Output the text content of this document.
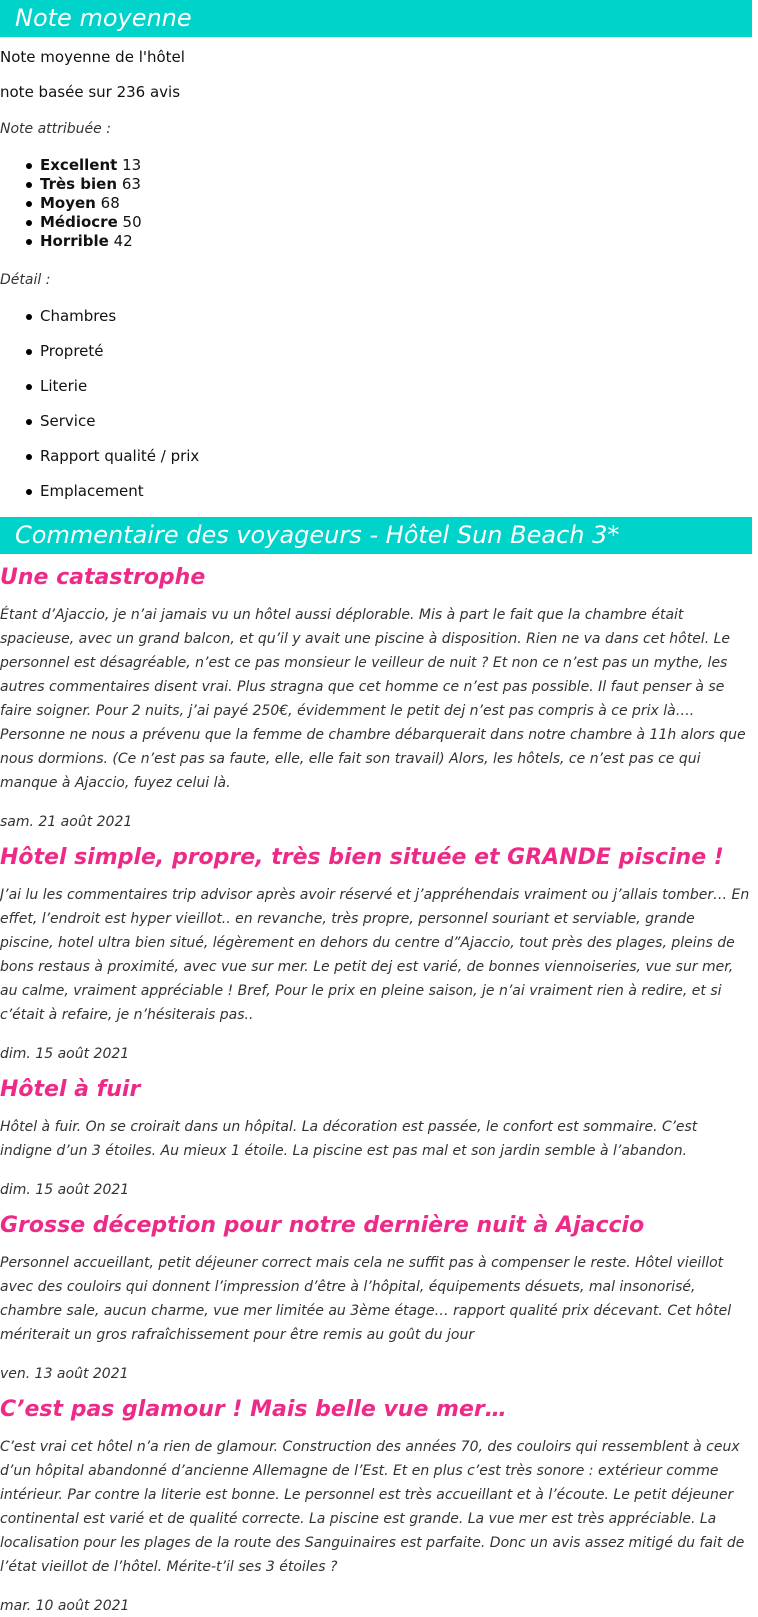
Note moyenne

Note moyenne de l'hôtel

note basée sur 236 avis

Note attribuée :

Excellent 13
Très bien 63
Moyen 68
Médiocre 50
Horrible 42

Détail :

Chambres
Propreté
Literie
Service
Rapport qualité / prix
Emplacement
Commentaire des voyageurs - Hôtel Sun Beach 3*
Une catastrophe

Étant d’Ajaccio, je n’ai jamais vu un hôtel aussi déplorable. Mis à part le fait que la chambre était spacieuse, avec un grand balcon, et qu’il y avait une piscine à disposition. Rien ne va dans cet hôtel. Le personnel est désagréable, n’est ce pas monsieur le veilleur de nuit ? Et non ce n’est pas un mythe, les autres commentaires disent vrai. Plus stragna que cet homme ce n’est pas possible. Il faut penser à se faire soigner. Pour 2 nuits, j’ai payé 250€, évidemment le petit dej n’est pas compris à ce prix là…. Personne ne nous a prévenu que la femme de chambre débarquerait dans notre chambre à 11h alors que nous dormions. (Ce n’est pas sa faute, elle, elle fait son travail) Alors, les hôtels, ce n’est pas ce qui manque à Ajaccio, fuyez celui là.

sam. 21 août 2021

Hôtel simple, propre, très bien située et GRANDE piscine !

J’ai lu les commentaires trip advisor après avoir réservé et j’appréhendais vraiment ou j’allais tomber… En effet, l’endroit est hyper vieillot.. en revanche, très propre, personnel souriant et serviable, grande piscine, hotel ultra bien situé, légèrement en dehors du centre d”Ajaccio, tout près des plages, pleins de bons restaus à proximité, avec vue sur mer. Le petit dej est varié, de bonnes viennoiseries, vue sur mer, au calme, vraiment appréciable ! Bref, Pour le prix en pleine saison, je n’ai vraiment rien à redire, et si c’était à refaire, je n’hésiterais pas..

dim. 15 août 2021

Hôtel à fuir

Hôtel à fuir. On se croirait dans un hôpital. La décoration est passée, le confort est sommaire. C’est indigne d’un 3 étoiles. Au mieux 1 étoile. La piscine est pas mal et son jardin semble à l’abandon.

dim. 15 août 2021

Grosse déception pour notre dernière nuit à Ajaccio

Personnel accueillant, petit déjeuner correct mais cela ne suffit pas à compenser le reste. Hôtel vieillot avec des couloirs qui donnent l’impression d’être à l’hôpital, équipements désuets, mal insonorisé, chambre sale, aucun charme, vue mer limitée au 3ème étage… rapport qualité prix décevant. Cet hôtel mériterait un gros rafraîchissement pour être remis au goût du jour

ven. 13 août 2021

C’est pas glamour ! Mais belle vue mer…

C’est vrai cet hôtel n’a rien de glamour. Construction des années 70, des couloirs qui ressemblent à ceux d’un hôpital abandonné d’ancienne Allemagne de l’Est. Et en plus c’est très sonore : extérieur comme intérieur. Par contre la literie est bonne. Le personnel est très accueillant et à l’écoute. Le petit déjeuner continental est varié et de qualité correcte. La piscine est grande. La vue mer est très appréciable. La localisation pour les plages de la route des Sanguinaires est parfaite. Donc un avis assez mitigé du fait de l’état vieillot de l’hôtel. Mérite-t’il ses 3 étoiles ?

mar. 10 août 2021
